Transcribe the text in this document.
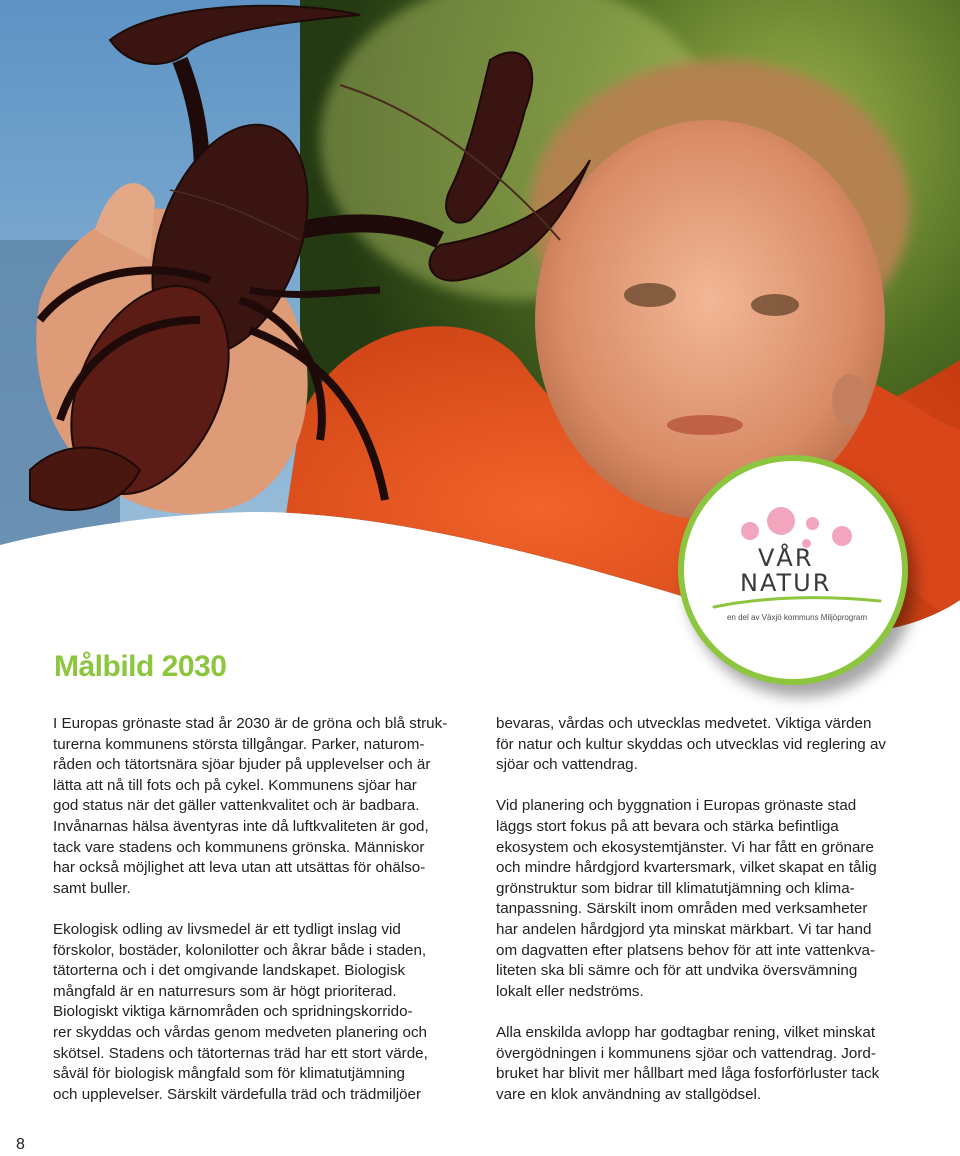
VÅR
NATUR
en del av Växjö kommuns Miljöprogram
Målbild 2030

I Europas grönaste stad år 2030 är de gröna och blå struk-
turerna kommunens största tillgångar. Parker, naturom-
råden och tätortsnära sjöar bjuder på upplevelser och är
lätta att nå till fots och på cykel. Kommunens sjöar har
god status när det gäller vattenkvalitet och är badbara.
Invånarnas hälsa äventyras inte då luftkvaliteten är god,
tack vare stadens och kommunens grönska. Människor
har också möjlighet att leva utan att utsättas för ohälso-
samt buller.

Ekologisk odling av livsmedel är ett tydligt inslag vid
förskolor, bostäder, kolonilotter och åkrar både i staden,
tätorterna och i det omgivande landskapet. Biologisk
mångfald är en naturresurs som är högt prioriterad.
Biologiskt viktiga kärnområden och spridningskorrido-
rer skyddas och vårdas genom medveten planering och
skötsel. Stadens och tätorternas träd har ett stort värde,
såväl för biologisk mångfald som för klimatutjämning
och upplevelser. Särskilt värdefulla träd och trädmiljöer

bevaras, vårdas och utvecklas medvetet. Viktiga värden
för natur och kultur skyddas och utvecklas vid reglering av
sjöar och vattendrag.

Vid planering och byggnation i Europas grönaste stad
läggs stort fokus på att bevara och stärka befintliga
ekosystem och ekosystemtjänster. Vi har fått en grönare
och mindre hårdgjord kvartersmark, vilket skapat en tålig
grönstruktur som bidrar till klimatutjämning och klima-
tanpassning. Särskilt inom områden med verksamheter
har andelen hårdgjord yta minskat märkbart. Vi tar hand
om dagvatten efter platsens behov för att inte vattenkva-
liteten ska bli sämre och för att undvika översvämning
lokalt eller nedströms.

Alla enskilda avlopp har godtagbar rening, vilket minskat
övergödningen i kommunens sjöar och vattendrag. Jord-
bruket har blivit mer hållbart med låga fosforförluster tack
vare en klok användning av stallgödsel.

8
